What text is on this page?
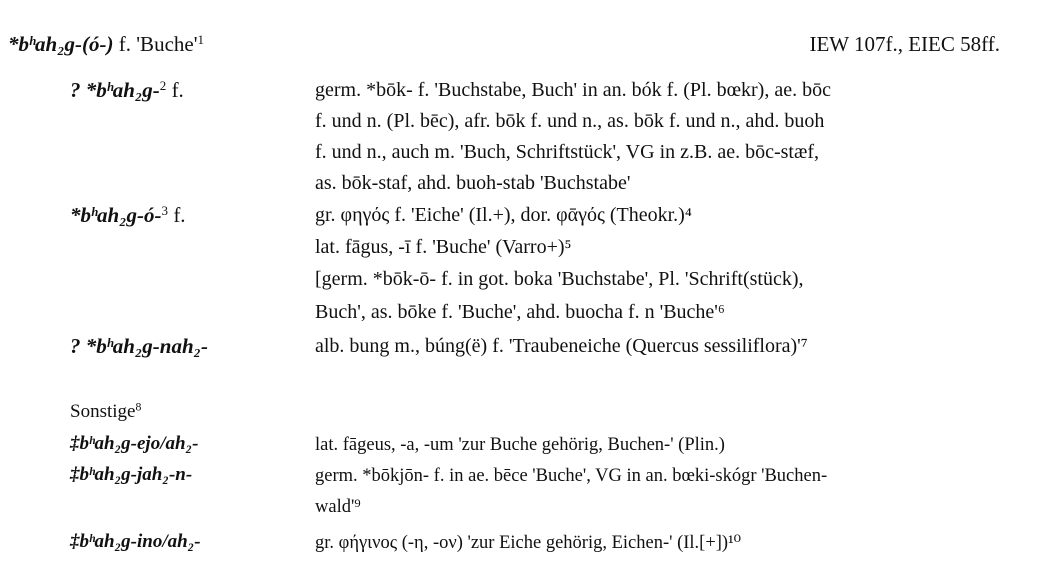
*bʰah₂g-(ó-) f. '$Buche'^1$	IEW 107f., EIEC 58ff.
? *bʰah₂g-$^2$ f.	germ. *bōk- f. 'Buchstabe, Buch' in an. bók f. (Pl. bœkr), ae. bōc
f. und n. (Pl. bēc), afr. bōk f. und n., as. bōk f. und n., ahd. buoh
f. und n., auch m. 'Buch, Schriftstück', VG in z.B. ae. bōc-stæf,
as. bōk-staf, ahd. buoh-stab 'Buchstabe'
*bʰah₂g-ó-$^3$ f.	gr. φηγός f. 'Eiche' (Il.+), dor. φᾱγός (Theokr.)⁴
lat. fāgus, -ī f. 'Buche' (Varro+)⁵
[germ. *bōk-ō- f. in got. boka 'Buchstabe', Pl. 'Schrift(stück),
Buch', as. bōke f. 'Buche', ahd. buocha f. n 'Buche'⁶
? *bʰah₂g-nah₂-	alb. bung m., búng(ë) f. 'Traubeneiche (Quercus sessiliflora)'⁷
Sonstige$^8$
‡bʰah₂g-ejo/ah₂-	lat. fāgeus, -a, -um 'zur Buche gehörig, Buchen-' (Plin.)
‡bʰah₂g-jah₂-n-	germ. *bōkjōn- f. in ae. bēce 'Buche', VG in an. bœki-skógr 'Buchen-
wald'⁹
‡bʰah₂g-ino/ah₂-	gr. φήγινος (-η, -ον) 'zur Eiche gehörig, Eichen-' (Il.[+])¹⁰
